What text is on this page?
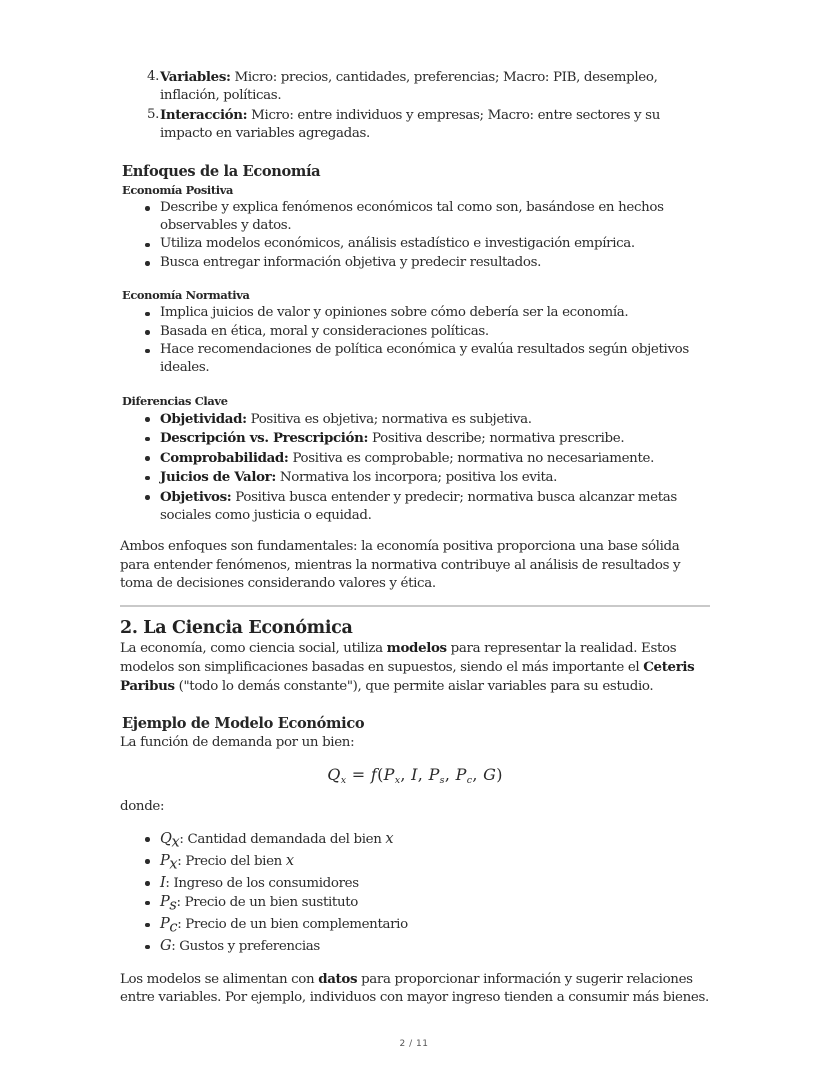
4. Variables: Micro: precios, cantidades, preferencias; Macro: PIB, desempleo, inflación, políticas.
5. Interacción: Micro: entre individuos y empresas; Macro: entre sectores y su impacto en variables agregadas.
Enfoques de la Economía
Economía Positiva
Describe y explica fenómenos económicos tal como son, basándose en hechos observables y datos.
Utiliza modelos económicos, análisis estadístico e investigación empírica.
Busca entregar información objetiva y predecir resultados.
Economía Normativa
Implica juicios de valor y opiniones sobre cómo debería ser la economía.
Basada en ética, moral y consideraciones políticas.
Hace recomendaciones de política económica y evalúa resultados según objetivos ideales.
Diferencias Clave
Objetividad: Positiva es objetiva; normativa es subjetiva.
Descripción vs. Prescripción: Positiva describe; normativa prescribe.
Comprobabilidad: Positiva es comprobable; normativa no necesariamente.
Juicios de Valor: Normativa los incorpora; positiva los evita.
Objetivos: Positiva busca entender y predecir; normativa busca alcanzar metas sociales como justicia o equidad.

Ambos enfoques son fundamentales: la economía positiva proporciona una base sólida para entender fenómenos, mientras la normativa contribuye al análisis de resultados y toma de decisiones considerando valores y ética.

2. La Ciencia Económica

La economía, como ciencia social, utiliza modelos para representar la realidad. Estos modelos son simplificaciones basadas en supuestos, siendo el más importante el Ceteris Paribus ("todo lo demás constante"), que permite aislar variables para su estudio.

Ejemplo de Modelo Económico

La función de demanda por un bien:

$Q_x = f(P_x$, I, $P_s$, $P_c$, G)

donde:

$Q_x$: Cantidad demandada del bien x
$P_x$: Precio del bien x
I: Ingreso de los consumidores
$P_s$: Precio de un bien sustituto
$P_c$: Precio de un bien complementario
G: Gustos y preferencias

Los modelos se alimentan con datos para proporcionar información y sugerir relaciones entre variables. Por ejemplo, individuos con mayor ingreso tienden a consumir más bienes.

2 / 11
